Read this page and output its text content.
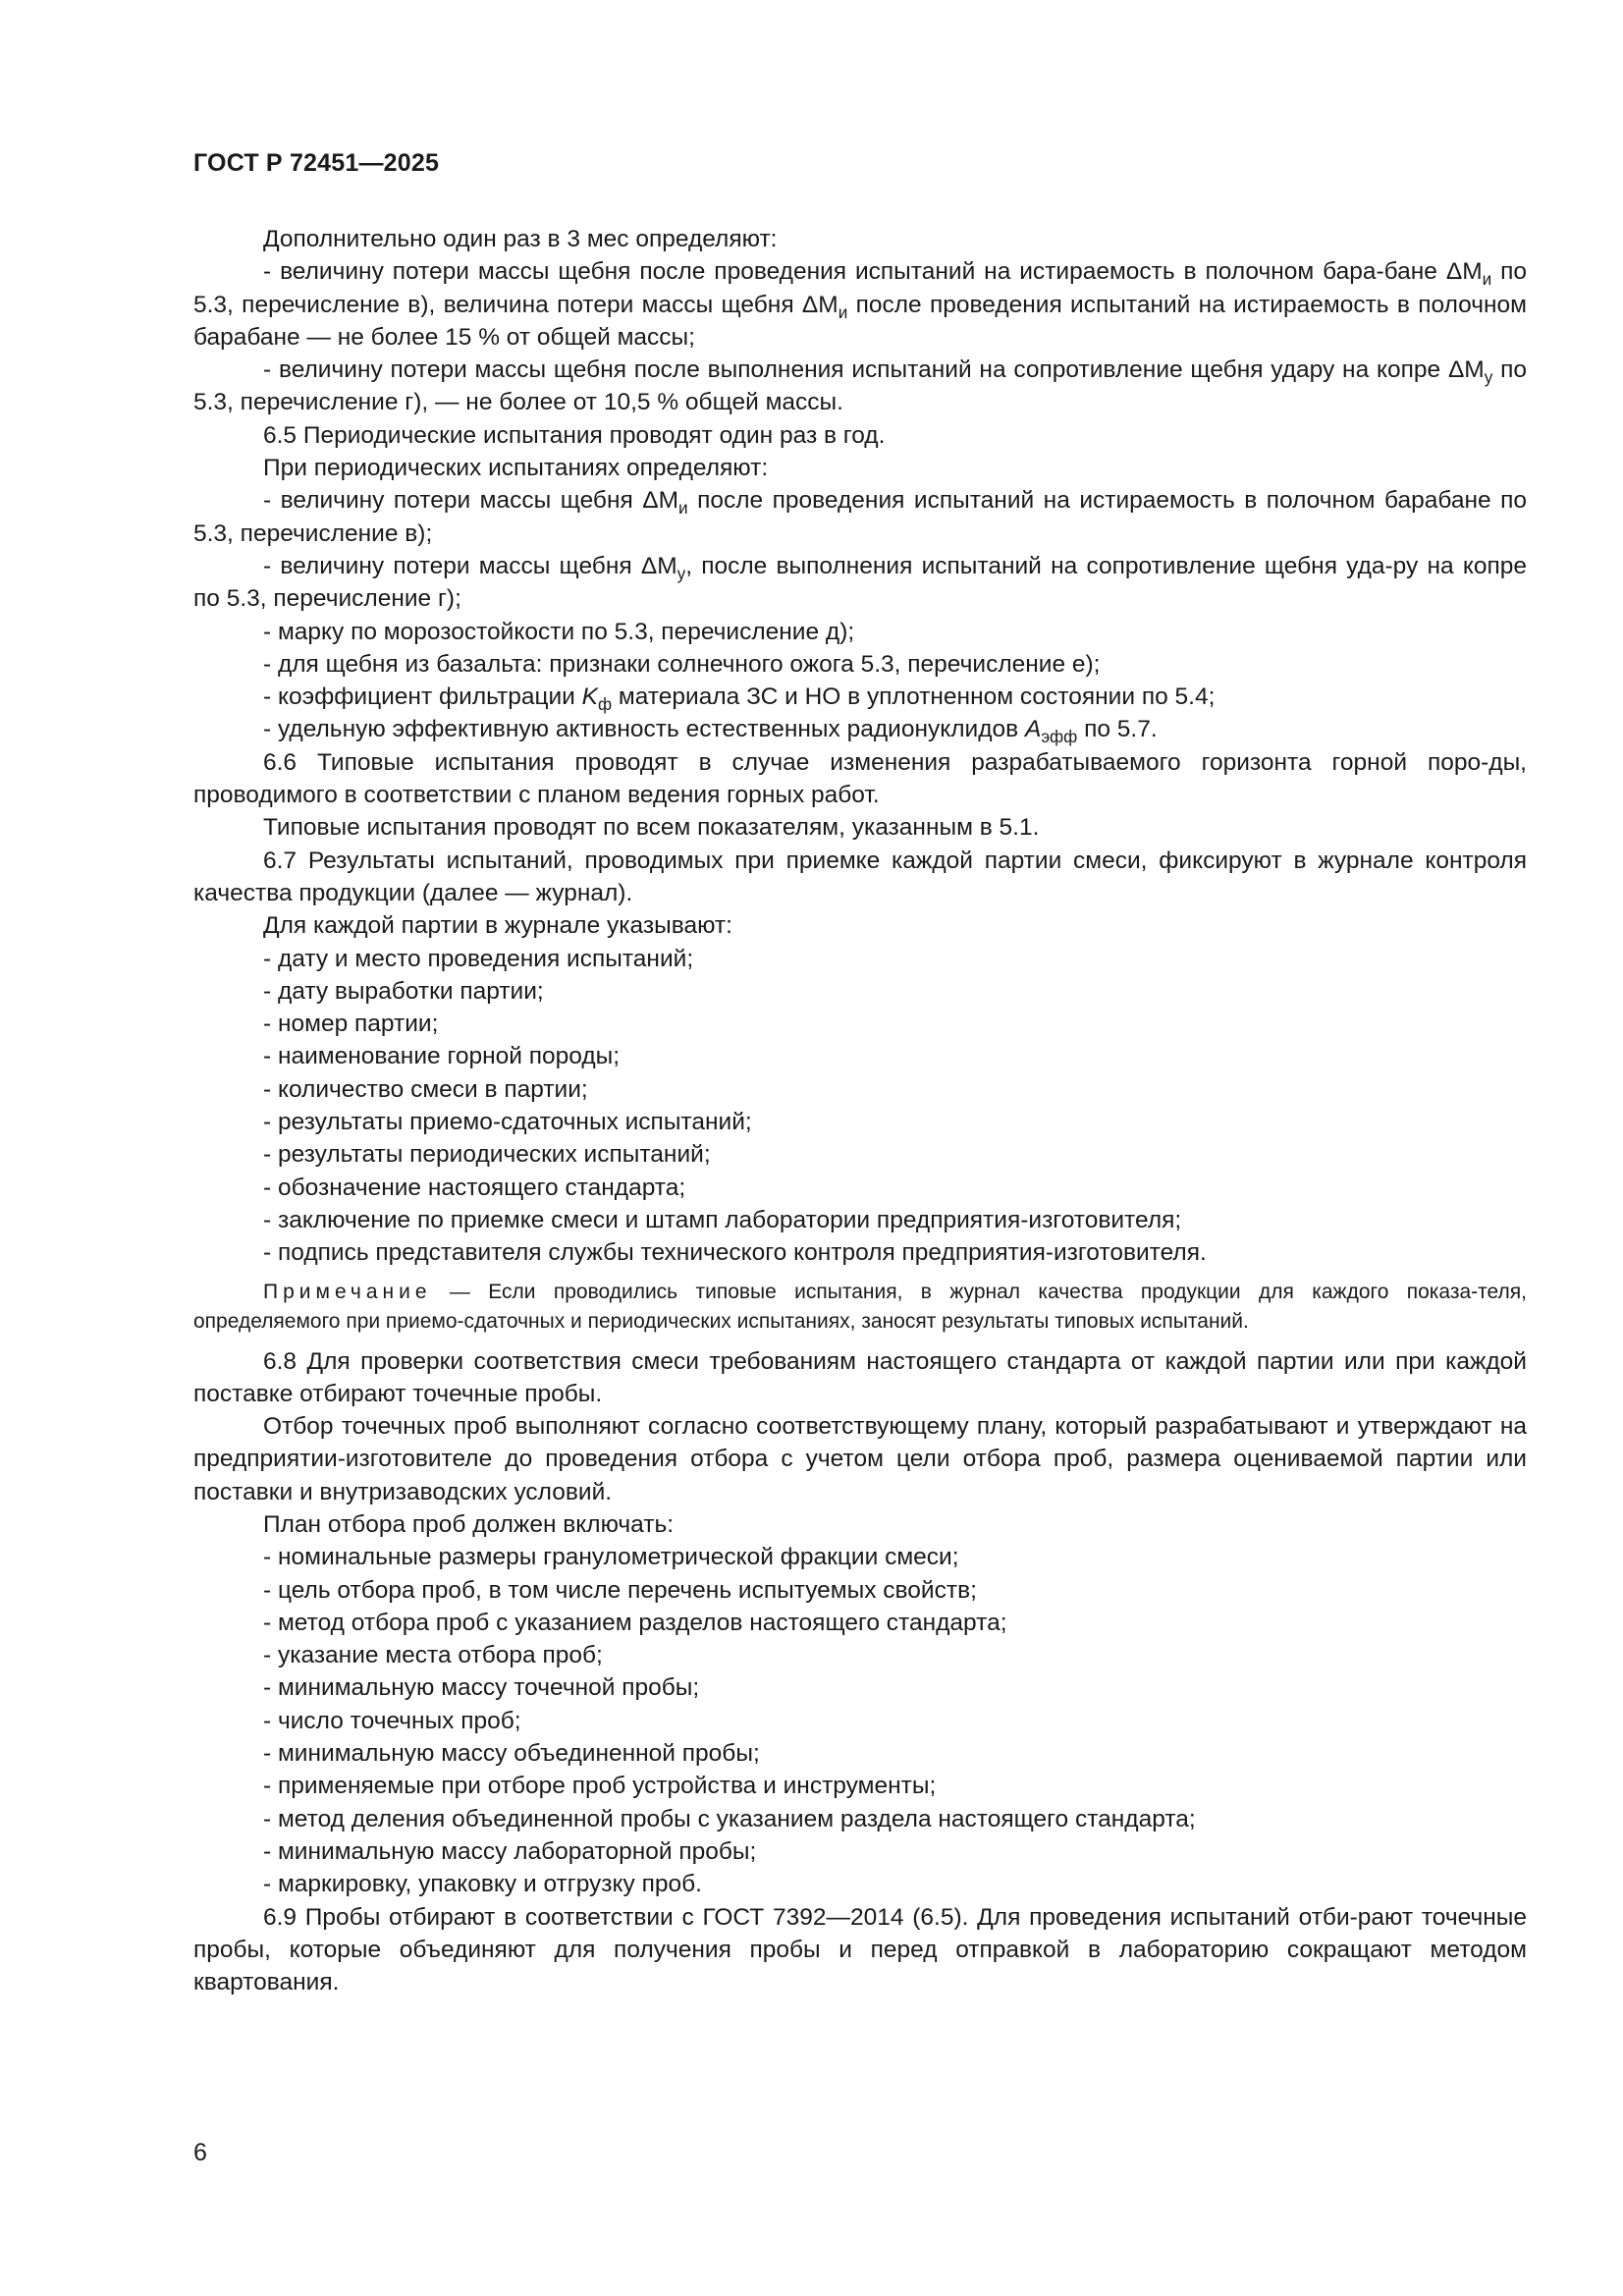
ГОСТ Р 72451—2025

Дополнительно один раз в 3 мес определяют:

- величину потери массы щебня после проведения испытаний на истираемость в полочном бара-бане $\Delta M_и$ по 5.3, перечисление в), величина потери массы щебня $\Delta M_и$ после проведения испытаний на истираемость в полочном барабане — не более 15 % от общей массы;

- величину потери массы щебня после выполнения испытаний на сопротивление щебня удару на копре $\Delta M_у$ по 5.3, перечисление г), — не более от 10,5 % общей массы.

6.5 Периодические испытания проводят один раз в год.

При периодических испытаниях определяют:

- величину потери массы щебня $\Delta M_и$ после проведения испытаний на истираемость в полочном барабане по 5.3, перечисление в);

- величину потери массы щебня $\Delta M_у$, после выполнения испытаний на сопротивление щебня уда-ру на копре по 5.3, перечисление г);

- марку по морозостойкости по 5.3, перечисление д);

- для щебня из базальта: признаки солнечного ожога 5.3, перечисление е);

- коэффициент фильтрации $K_ф$ материала ЗС и НО в уплотненном состоянии по 5.4;

- удельную эффективную активность естественных радионуклидов $A_{эфф}$ по 5.7.

6.6 Типовые испытания проводят в случае изменения разрабатываемого горизонта горной поро-ды, проводимого в соответствии с планом ведения горных работ.

Типовые испытания проводят по всем показателям, указанным в 5.1.

6.7 Результаты испытаний, проводимых при приемке каждой партии смеси, фиксируют в журнале контроля качества продукции (далее — журнал).

Для каждой партии в журнале указывают:

- дату и место проведения испытаний;

- дату выработки партии;

- номер партии;

- наименование горной породы;

- количество смеси в партии;

- результаты приемо-сдаточных испытаний;

- результаты периодических испытаний;

- обозначение настоящего стандарта;

- заключение по приемке смеси и штамп лаборатории предприятия-изготовителя;

- подпись представителя службы технического контроля предприятия-изготовителя.

Примечание — Если проводились типовые испытания, в журнал качества продукции для каждого показа-теля, определяемого при приемо-сдаточных и периодических испытаниях, заносят результаты типовых испытаний.

6.8 Для проверки соответствия смеси требованиям настоящего стандарта от каждой партии или при каждой поставке отбирают точечные пробы.

Отбор точечных проб выполняют согласно соответствующему плану, который разрабатывают и утверждают на предприятии-изготовителе до проведения отбора с учетом цели отбора проб, размера оцениваемой партии или поставки и внутризаводских условий.

План отбора проб должен включать:

- номинальные размеры гранулометрической фракции смеси;

- цель отбора проб, в том числе перечень испытуемых свойств;

- метод отбора проб с указанием разделов настоящего стандарта;

- указание места отбора проб;

- минимальную массу точечной пробы;

- число точечных проб;

- минимальную массу объединенной пробы;

- применяемые при отборе проб устройства и инструменты;

- метод деления объединенной пробы с указанием раздела настоящего стандарта;

- минимальную массу лабораторной пробы;

- маркировку, упаковку и отгрузку проб.

6.9 Пробы отбирают в соответствии с ГОСТ 7392—2014 (6.5). Для проведения испытаний отби-рают точечные пробы, которые объединяют для получения пробы и перед отправкой в лабораторию сокращают методом квартования.

6
